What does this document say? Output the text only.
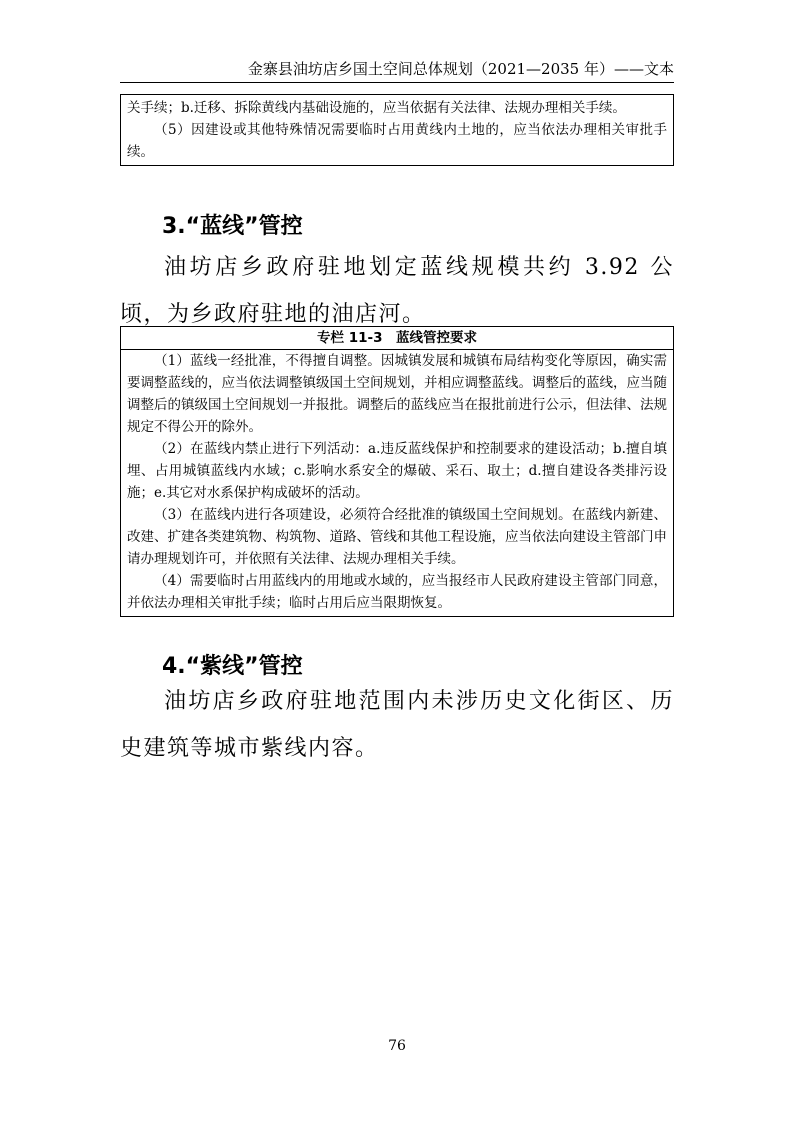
金寨县油坊店乡国土空间总体规划（2021—2035 年）——文本

关手续；b.迁移、拆除黄线内基础设施的，应当依据有关法律、法规办理相关手续。

（5）因建设或其他特殊情况需要临时占用黄线内土地的，应当依法办理相关审批手续。

3.“蓝线”管控

油坊店乡政府驻地划定蓝线规模共约 3.92 公顷，为乡政府驻地的油店河。

专栏 11-3　蓝线管控要求

（1）蓝线一经批准，不得擅自调整。因城镇发展和城镇布局结构变化等原因，确实需要调整蓝线的，应当依法调整镇级国土空间规划，并相应调整蓝线。调整后的蓝线，应当随调整后的镇级国土空间规划一并报批。调整后的蓝线应当在报批前进行公示，但法律、法规规定不得公开的除外。

（2）在蓝线内禁止进行下列活动：a.违反蓝线保护和控制要求的建设活动；b.擅自填埋、占用城镇蓝线内水域；c.影响水系安全的爆破、采石、取土；d.擅自建设各类排污设施；e.其它对水系保护构成破坏的活动。

（3）在蓝线内进行各项建设，必须符合经批准的镇级国土空间规划。在蓝线内新建、改建、扩建各类建筑物、构筑物、道路、管线和其他工程设施，应当依法向建设主管部门申请办理规划许可，并依照有关法律、法规办理相关手续。

（4）需要临时占用蓝线内的用地或水域的，应当报经市人民政府建设主管部门同意，并依法办理相关审批手续；临时占用后应当限期恢复。

4.“紫线”管控

油坊店乡政府驻地范围内未涉历史文化街区、历史建筑等城市紫线内容。

76
